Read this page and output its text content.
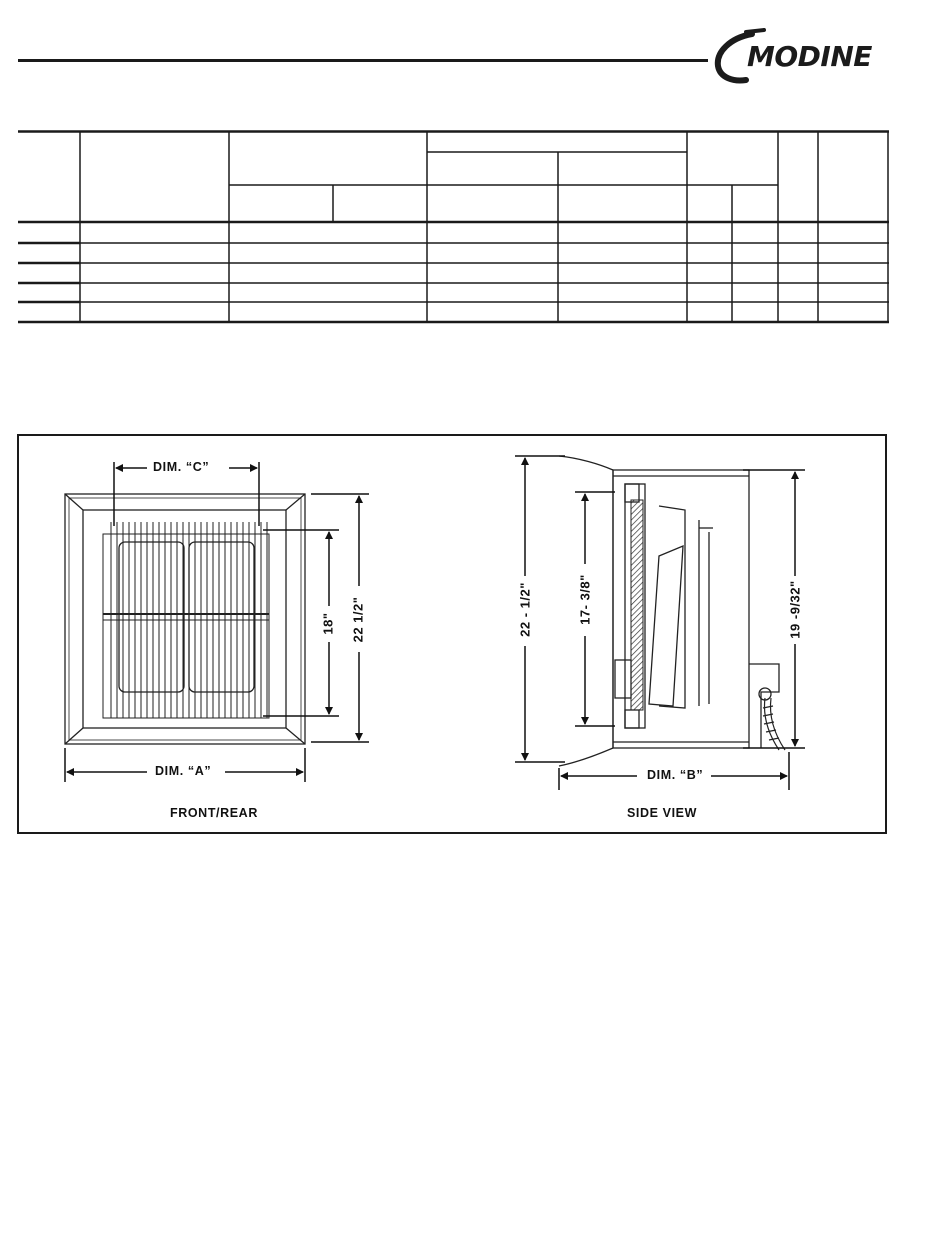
MODINE
DIM. “C”
DIM. “A”
FRONT/REAR
18" 22 1/2"
DIM. “B”
SIDE VIEW
22 - 1/2"	17- 3/8"	19 -9/32"
